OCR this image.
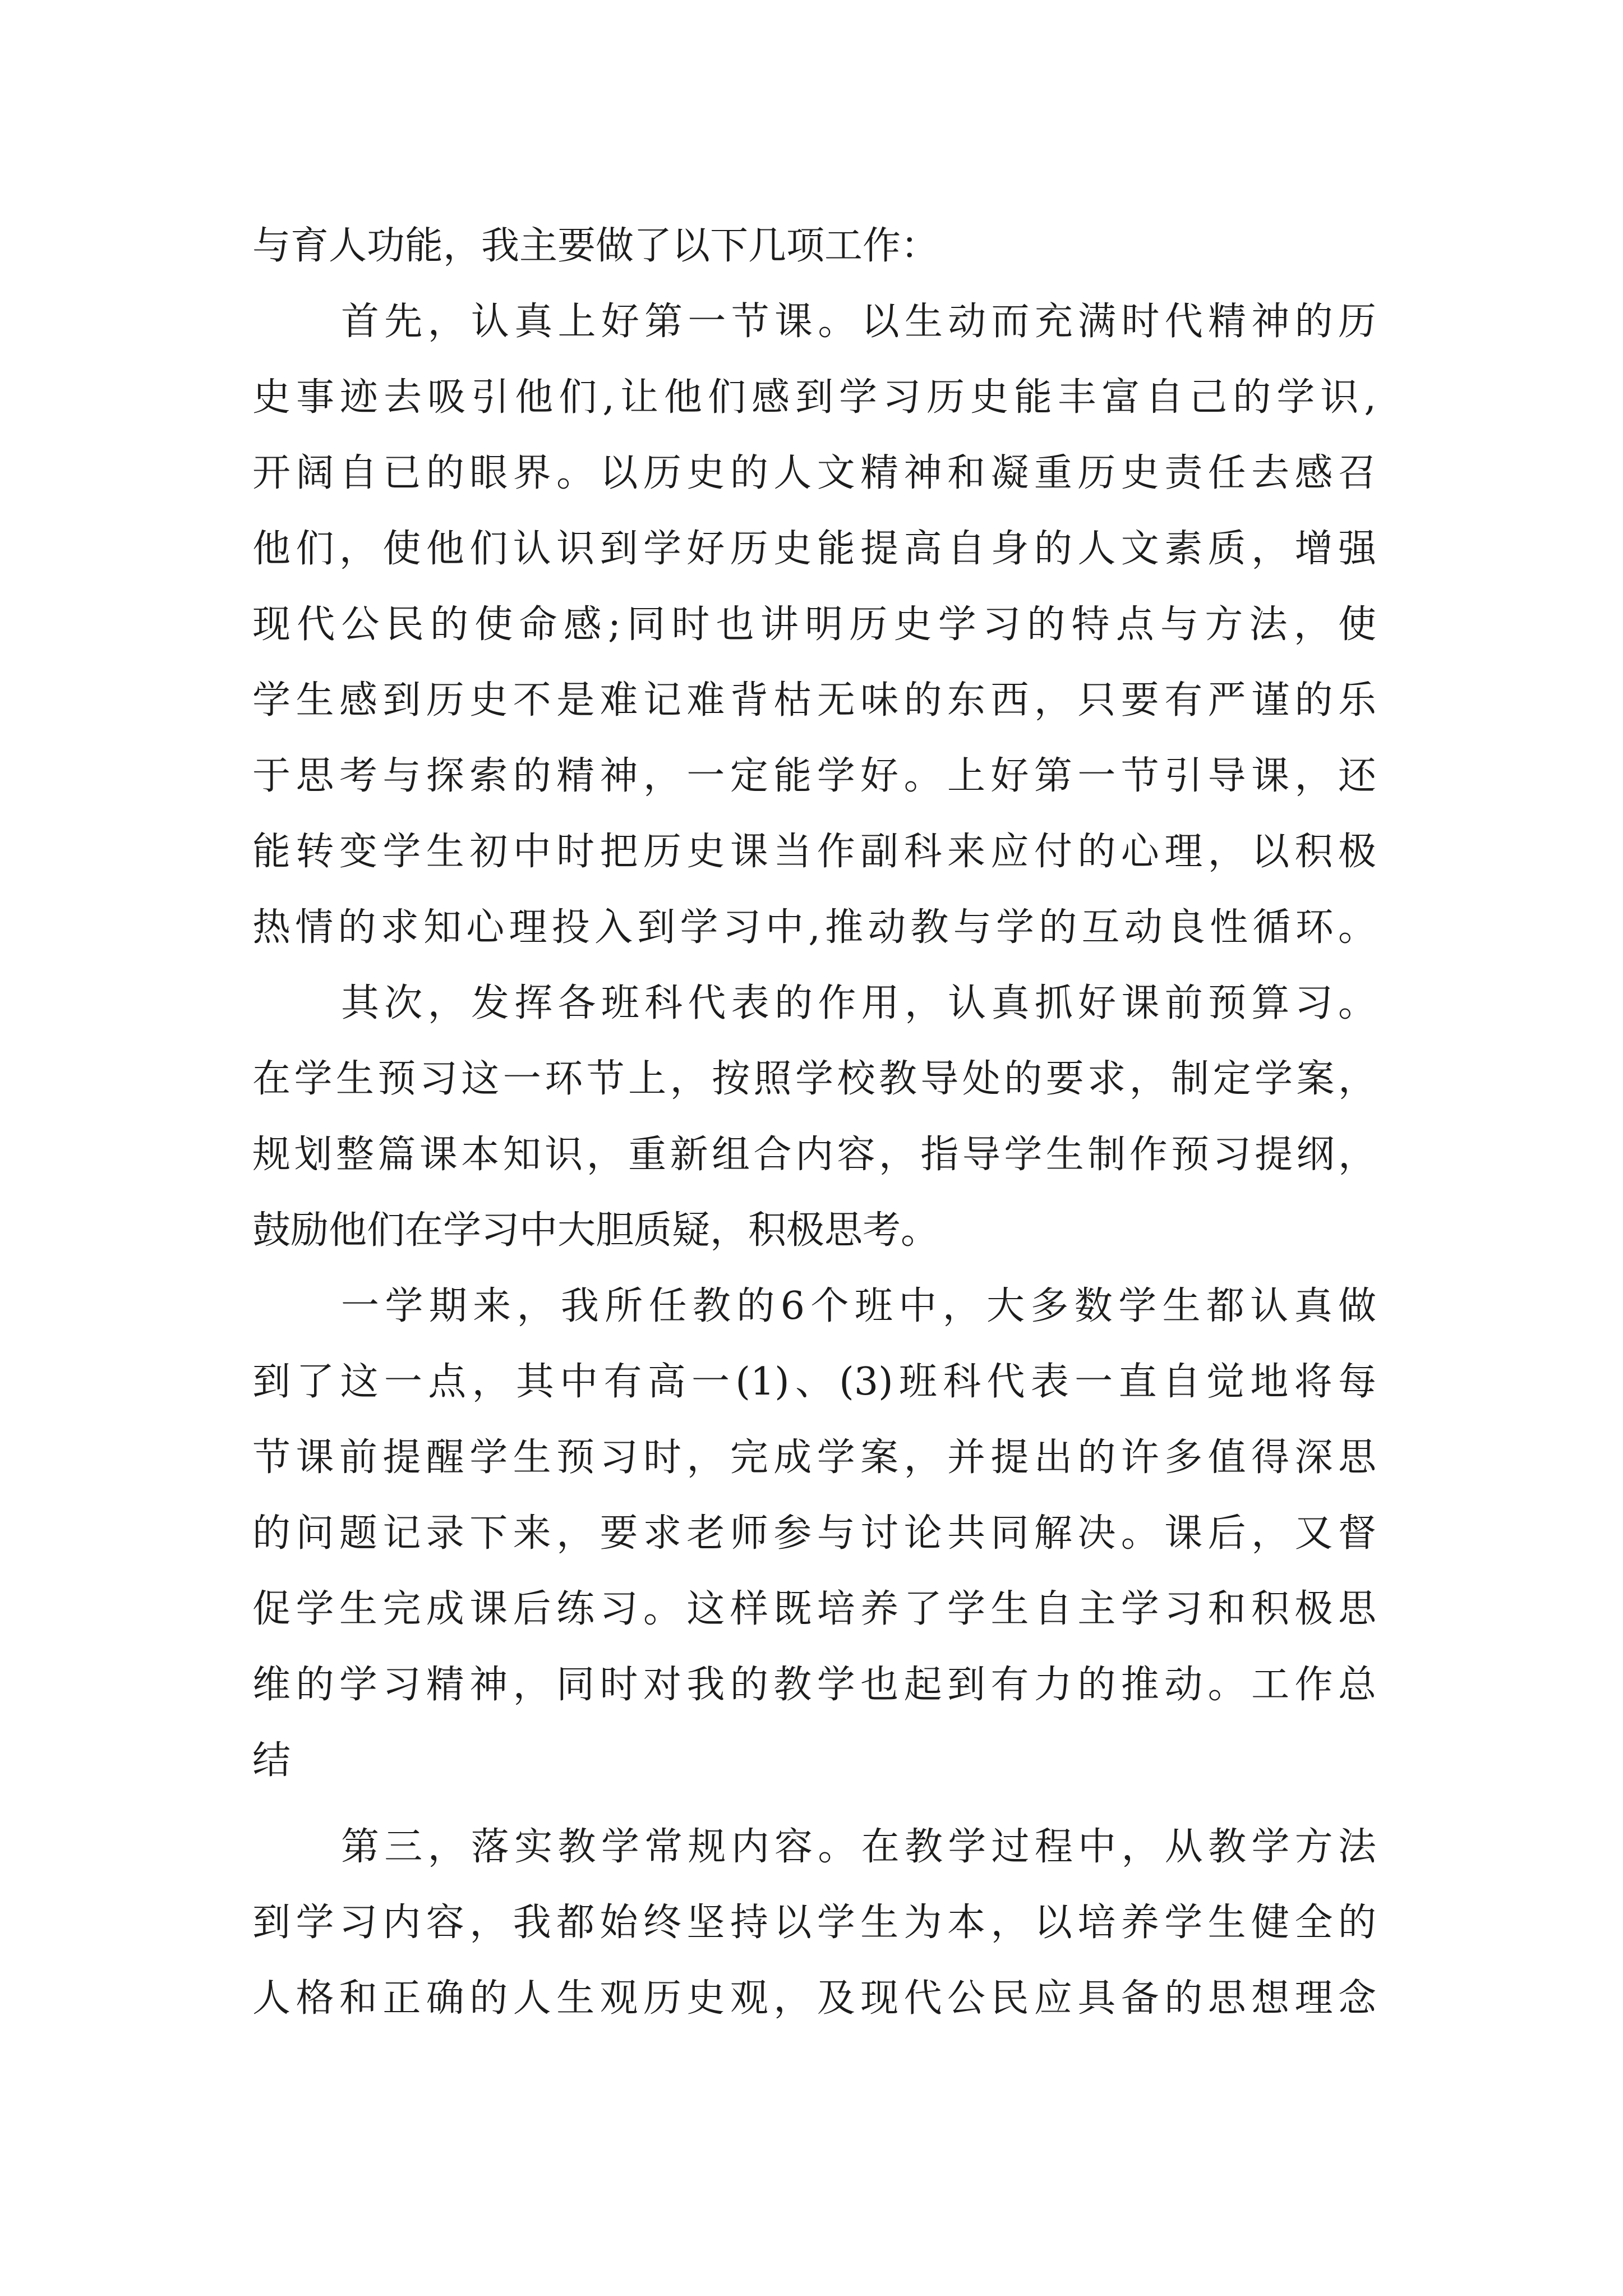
与育人功能，我主要做了以下几项工作：
首先，认真上好第一节课。以生动而充满时代精神的历
史事迹去吸引他们,让他们感到学习历史能丰富自己的学识,
开阔自已的眼界。以历史的人文精神和凝重历史责任去感召
他们，使他们认识到学好历史能提高自身的人文素质，增强
现代公民的使命感;同时也讲明历史学习的特点与方法，使
学生感到历史不是难记难背枯无味的东西，只要有严谨的乐
于思考与探索的精神，一定能学好。上好第一节引导课，还
能转变学生初中时把历史课当作副科来应付的心理，以积极
热情的求知心理投入到学习中,推动教与学的互动良性循环。
其次，发挥各班科代表的作用，认真抓好课前预算习。
在学生预习这一环节上，按照学校教导处的要求，制定学案，
规划整篇课本知识，重新组合内容，指导学生制作预习提纲，
鼓励他们在学习中大胆质疑，积极思考。
一学期来，我所任教的6个班中，大多数学生都认真做
到了这一点，其中有高一(1)、(3)班科代表一直自觉地将每
节课前提醒学生预习时，完成学案，并提出的许多值得深思
的问题记录下来，要求老师参与讨论共同解决。课后，又督
促学生完成课后练习。这样既培养了学生自主学习和积极思
维的学习精神，同时对我的教学也起到有力的推动。工作总
结
第三，落实教学常规内容。在教学过程中，从教学方法
到学习内容，我都始终坚持以学生为本，以培养学生健全的
人格和正确的人生观历史观，及现代公民应具备的思想理念
